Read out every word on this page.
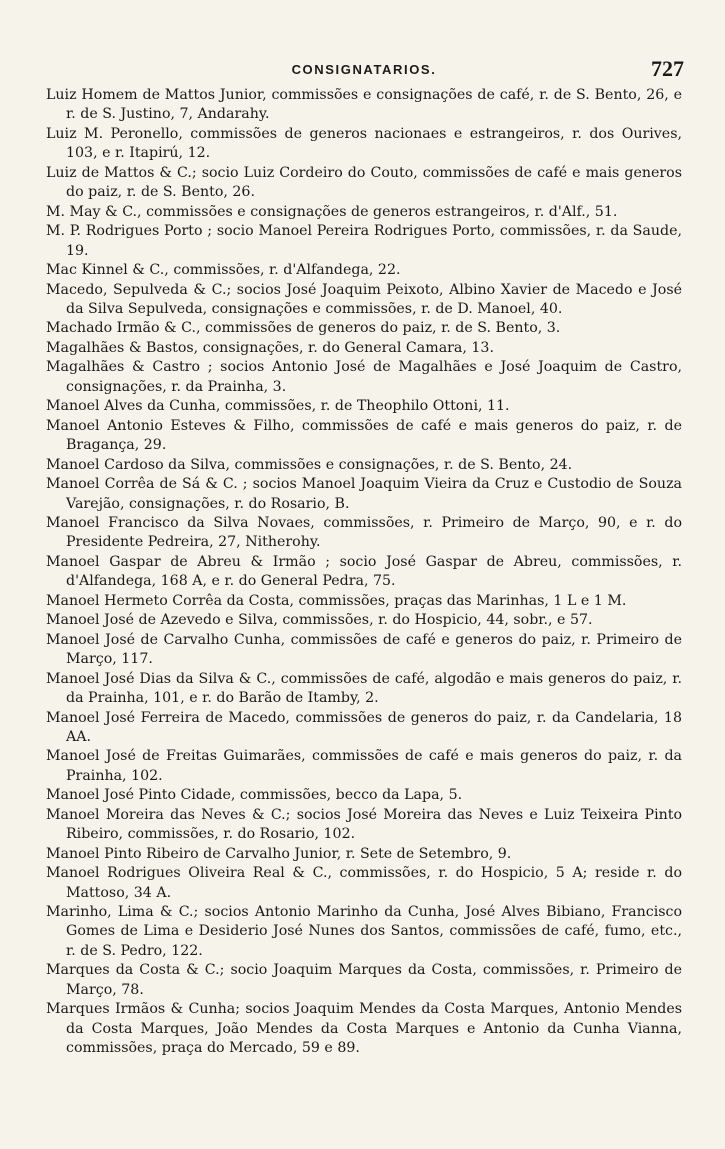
CONSIGNATARIOS.	727

Luiz Homem de Mattos Junior, commissões e consignações de café, r. de S. Bento, 26, e r. de S. Justino, 7, Andarahy.

Luiz M. Peronello, commissões de generos nacionaes e estrangeiros, r. dos Ourives, 103, e r. Itapirú, 12.

Luiz de Mattos & C.; socio Luiz Cordeiro do Couto, commissões de café e mais generos do paiz, r. de S. Bento, 26.

M. May & C., commissões e consignações de generos estrangeiros, r. d'Alf., 51.

M. P. Rodrigues Porto ; socio Manoel Pereira Rodrigues Porto, commissões, r. da Saude, 19.

Mac Kinnel & C., commissões, r. d'Alfandega, 22.

Macedo, Sepulveda & C.; socios José Joaquim Peixoto, Albino Xavier de Macedo e José da Silva Sepulveda, consignações e commissões, r. de D. Manoel, 40.

Machado Irmão & C., commissões de generos do paiz, r. de S. Bento, 3.

Magalhães & Bastos, consignações, r. do General Camara, 13.

Magalhães & Castro ; socios Antonio José de Magalhães e José Joaquim de Castro, consignações, r. da Prainha, 3.

Manoel Alves da Cunha, commissões, r. de Theophilo Ottoni, 11.

Manoel Antonio Esteves & Filho, commissões de café e mais generos do paiz, r. de Bragança, 29.

Manoel Cardoso da Silva, commissões e consignações, r. de S. Bento, 24.

Manoel Corrêa de Sá & C. ; socios Manoel Joaquim Vieira da Cruz e Custodio de Souza Varejão, consignações, r. do Rosario, B.

Manoel Francisco da Silva Novaes, commissões, r. Primeiro de Março, 90, e r. do Presidente Pedreira, 27, Nitherohy.

Manoel Gaspar de Abreu & Irmão ; socio José Gaspar de Abreu, commissões, r. d'Alfandega, 168 A, e r. do General Pedra, 75.

Manoel Hermeto Corrêa da Costa, commissões, praças das Marinhas, 1 L e 1 M.

Manoel José de Azevedo e Silva, commissões, r. do Hospicio, 44, sobr., e 57.

Manoel José de Carvalho Cunha, commissões de café e generos do paiz, r. Primeiro de Março, 117.

Manoel José Dias da Silva & C., commissões de café, algodão e mais generos do paiz, r. da Prainha, 101, e r. do Barão de Itamby, 2.

Manoel José Ferreira de Macedo, commissões de generos do paiz, r. da Candelaria, 18 AA.

Manoel José de Freitas Guimarães, commissões de café e mais generos do paiz, r. da Prainha, 102.

Manoel José Pinto Cidade, commissões, becco da Lapa, 5.

Manoel Moreira das Neves & C.; socios José Moreira das Neves e Luiz Teixeira Pinto Ribeiro, commissões, r. do Rosario, 102.

Manoel Pinto Ribeiro de Carvalho Junior, r. Sete de Setembro, 9.

Manoel Rodrigues Oliveira Real & C., commissões, r. do Hospicio, 5 A; reside r. do Mattoso, 34 A.

Marinho, Lima & C.; socios Antonio Marinho da Cunha, José Alves Bibiano, Francisco Gomes de Lima e Desiderio José Nunes dos Santos, commissões de café, fumo, etc., r. de S. Pedro, 122.

Marques da Costa & C.; socio Joaquim Marques da Costa, commissões, r. Primeiro de Março, 78.

Marques Irmãos & Cunha; socios Joaquim Mendes da Costa Marques, Antonio Mendes da Costa Marques, João Mendes da Costa Marques e Antonio da Cunha Vianna, commissões, praça do Mercado, 59 e 89.
